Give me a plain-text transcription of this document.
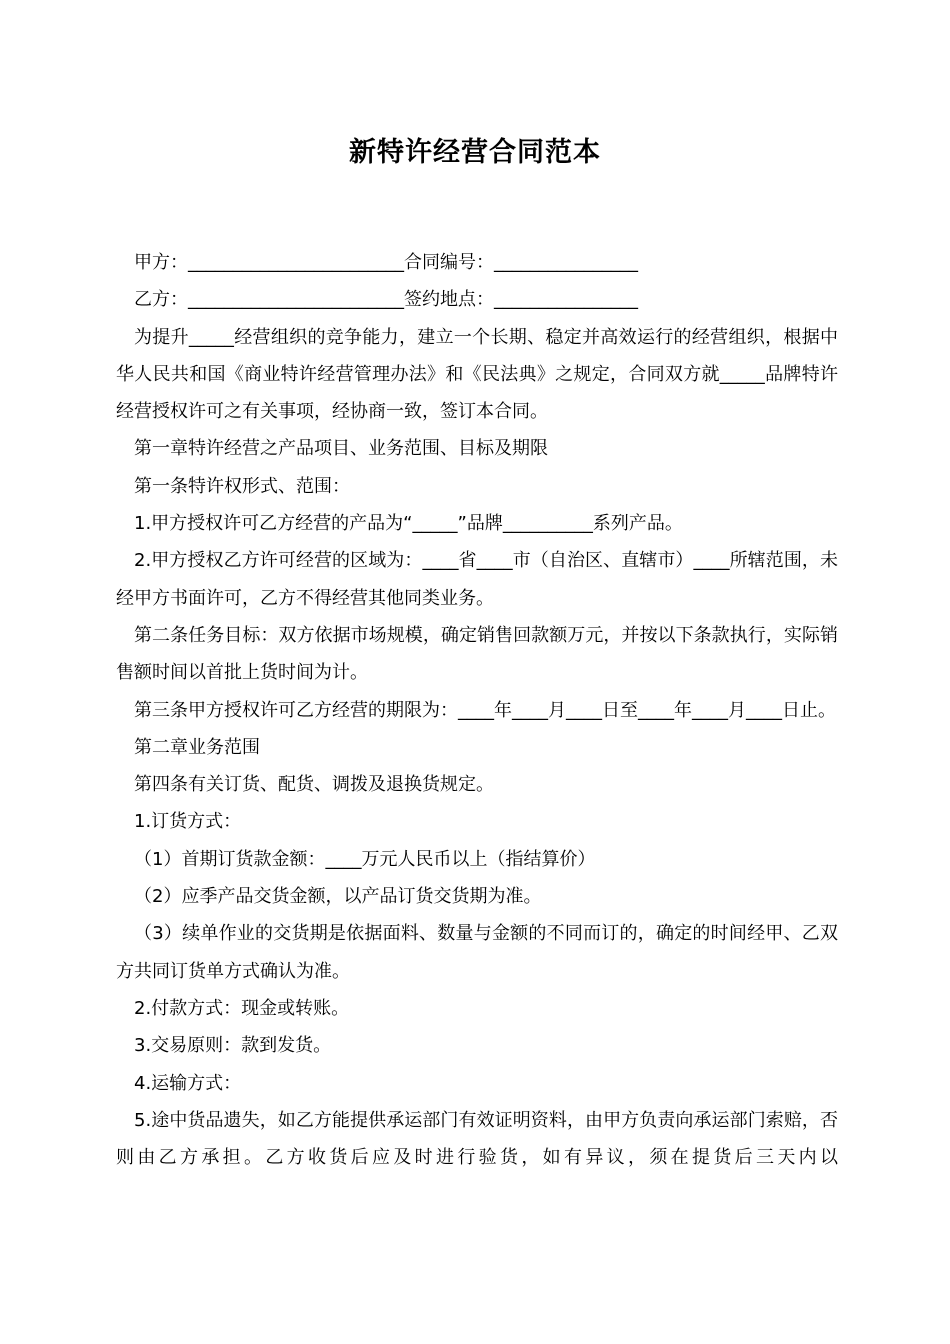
新特许经营合同范本
甲方：________________________合同编号：________________
乙方：________________________签约地点：________________
为提升_____经营组织的竞争能力，建立一个长期、稳定并高效运行的经营组织，根据中华人民共和国《商业特许经营管理办法》和《民法典》之规定，合同双方就_____品牌特许经营授权许可之有关事项，经协商一致，签订本合同。
第一章特许经营之产品项目、业务范围、目标及期限
第一条特许权形式、范围：
1.甲方授权许可乙方经营的产品为“_____”品牌__________系列产品。
2.甲方授权乙方许可经营的区域为：____省____市（自治区、直辖市）____所辖范围，未经甲方书面许可，乙方不得经营其他同类业务。
第二条任务目标：双方依据市场规模，确定销售回款额万元，并按以下条款执行，实际销售额时间以首批上货时间为计。
第三条甲方授权许可乙方经营的期限为：____年____月____日至____年____月____日止。
第二章业务范围
第四条有关订货、配货、调拨及退换货规定。
1.订货方式：
（1）首期订货款金额：____万元人民币以上（指结算价）
（2）应季产品交货金额，以产品订货交货期为准。
（3）续单作业的交货期是依据面料、数量与金额的不同而订的，确定的时间经甲、乙双方共同订货单方式确认为准。
2.付款方式：现金或转账。
3.交易原则：款到发货。
4.运输方式：
5.途中货品遗失，如乙方能提供承运部门有效证明资料，由甲方负责向承运部门索赔，否则由乙方承担。乙方收货后应及时进行验货，如有异议，须在提货后三天内以
